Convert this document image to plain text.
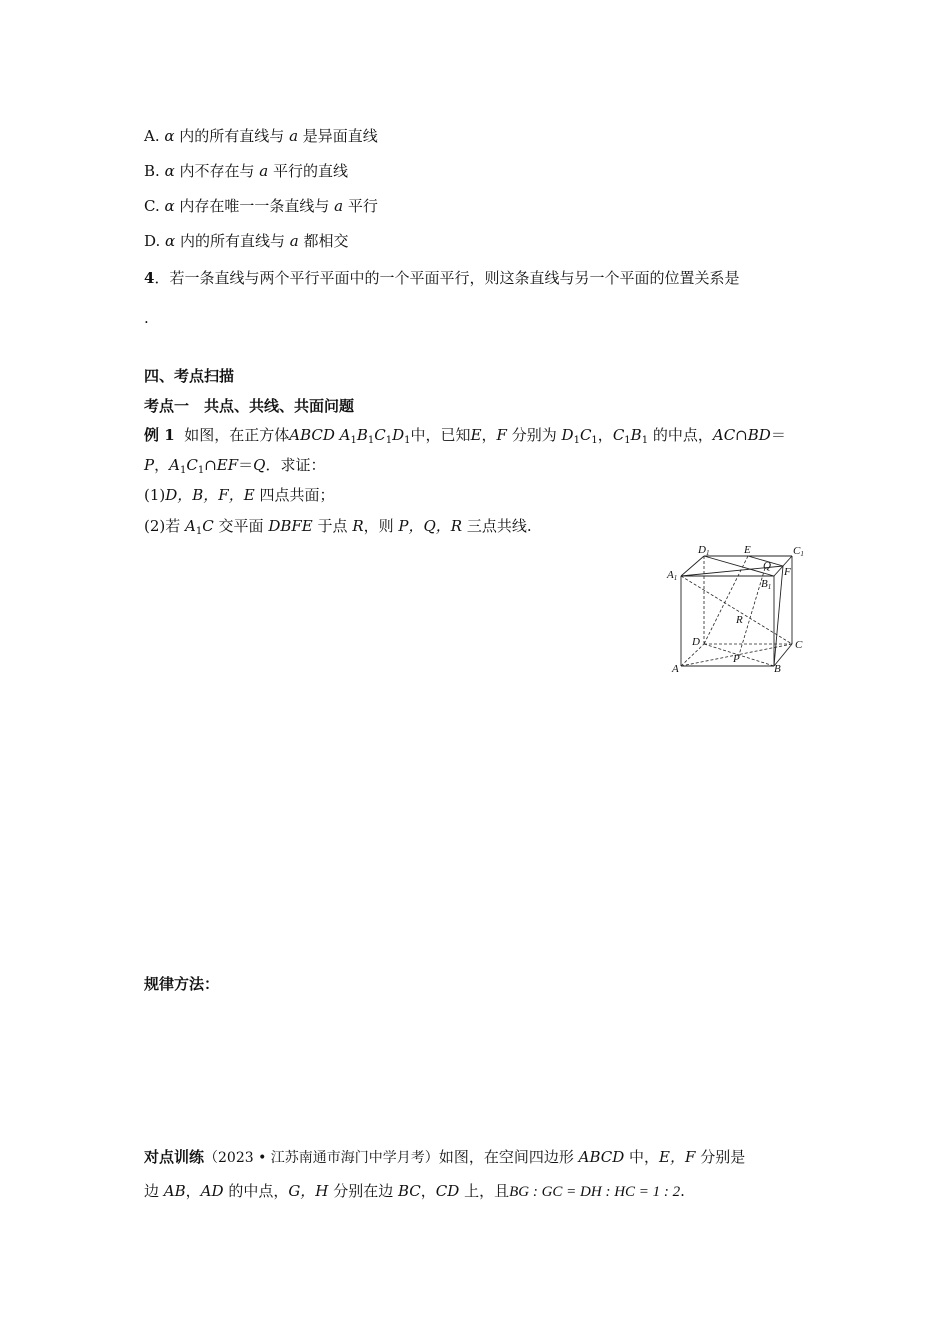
A. α 内的所有直线与 a 是异面直线
B. α 内不存在与 a 平行的直线
C. α 内存在唯一一条直线与 a 平行
D. α 内的所有直线与 a 都相交
4．若一条直线与两个平行平面中的一个平面平行，则这条直线与另一个平面的位置关系是
.
四、考点扫描
考点一　共点、共线、共面问题
例 1 如图，在正方体ABCD $A_1B_1C_1D_1$中，已知E，F 分别为 $D_1C_1$，$C_1B_1$ 的中点，AC∩BD＝
P，$A_1C_1\cap EF=Q$．求证：
(1)D，B，F，E 四点共面；
(2)若 $A_1C$ 交平面 DBFE 于点 R，则 P，Q，R 三点共线.
D1	E	C1
A1
Q
B1
F
R
D	C
P
A	B
规律方法：
对点训练（2023 • 江苏南通市海门中学月考）如图，在空间四边形 ABCD 中，E，F 分别是
边 AB，AD 的中点，G，H 分别在边 BC，CD 上，且BG : GC = DH : HC = 1 : 2.
